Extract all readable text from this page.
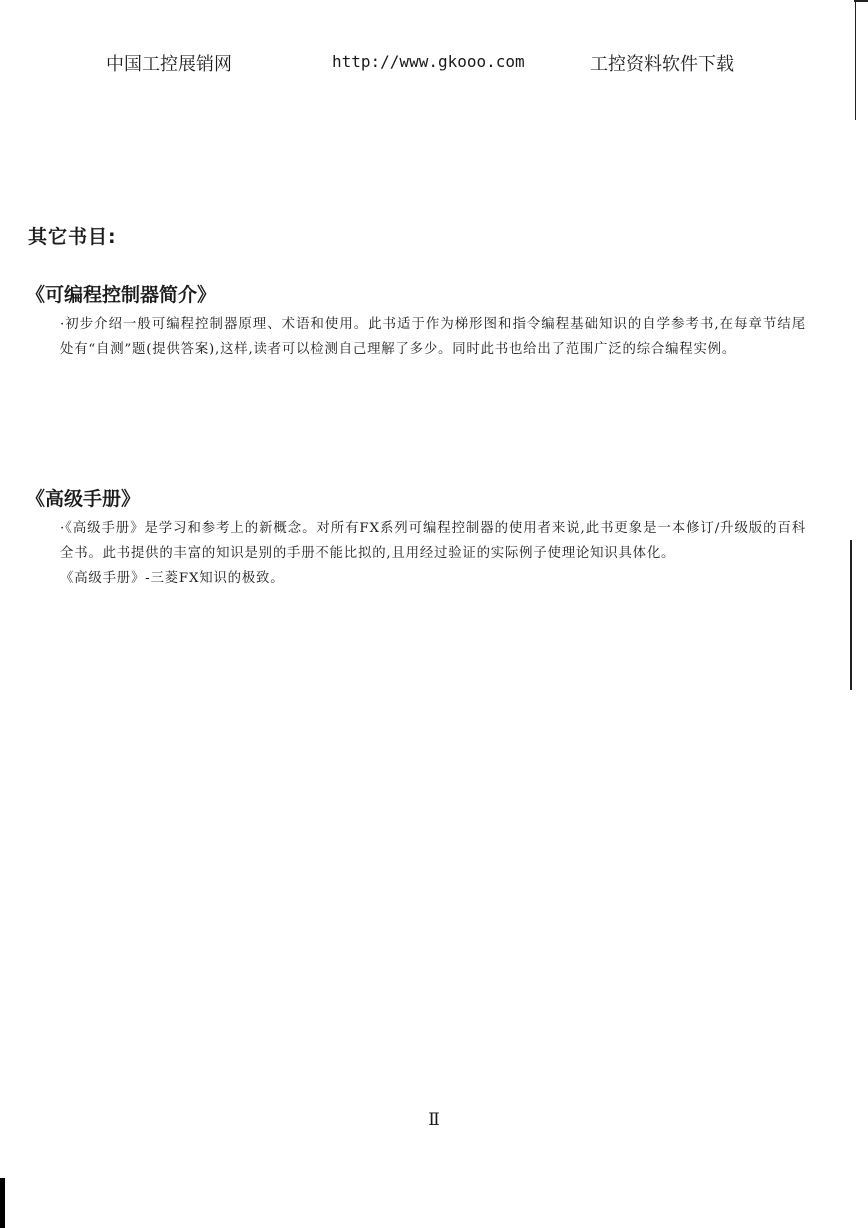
中国工控展销网	http://www.gkooo.com	工控资料软件下载
其它书目:
《可编程控制器简介》

·初步介绍一般可编程控制器原理、术语和使用。此书适于作为梯形图和指令编程基础知识的自学参考书,在每章节结尾处有“自测”题(提供答案),这样,读者可以检测自己理解了多少。同时此书也给出了范围广泛的综合编程实例。

《高级手册》

·《高级手册》是学习和参考上的新概念。对所有FX系列可编程控制器的使用者来说,此书更象是一本修订/升级版的百科全书。此书提供的丰富的知识是别的手册不能比拟的,且用经过验证的实际例子使理论知识具体化。

《高级手册》-三菱FX知识的极致。

Ⅱ
